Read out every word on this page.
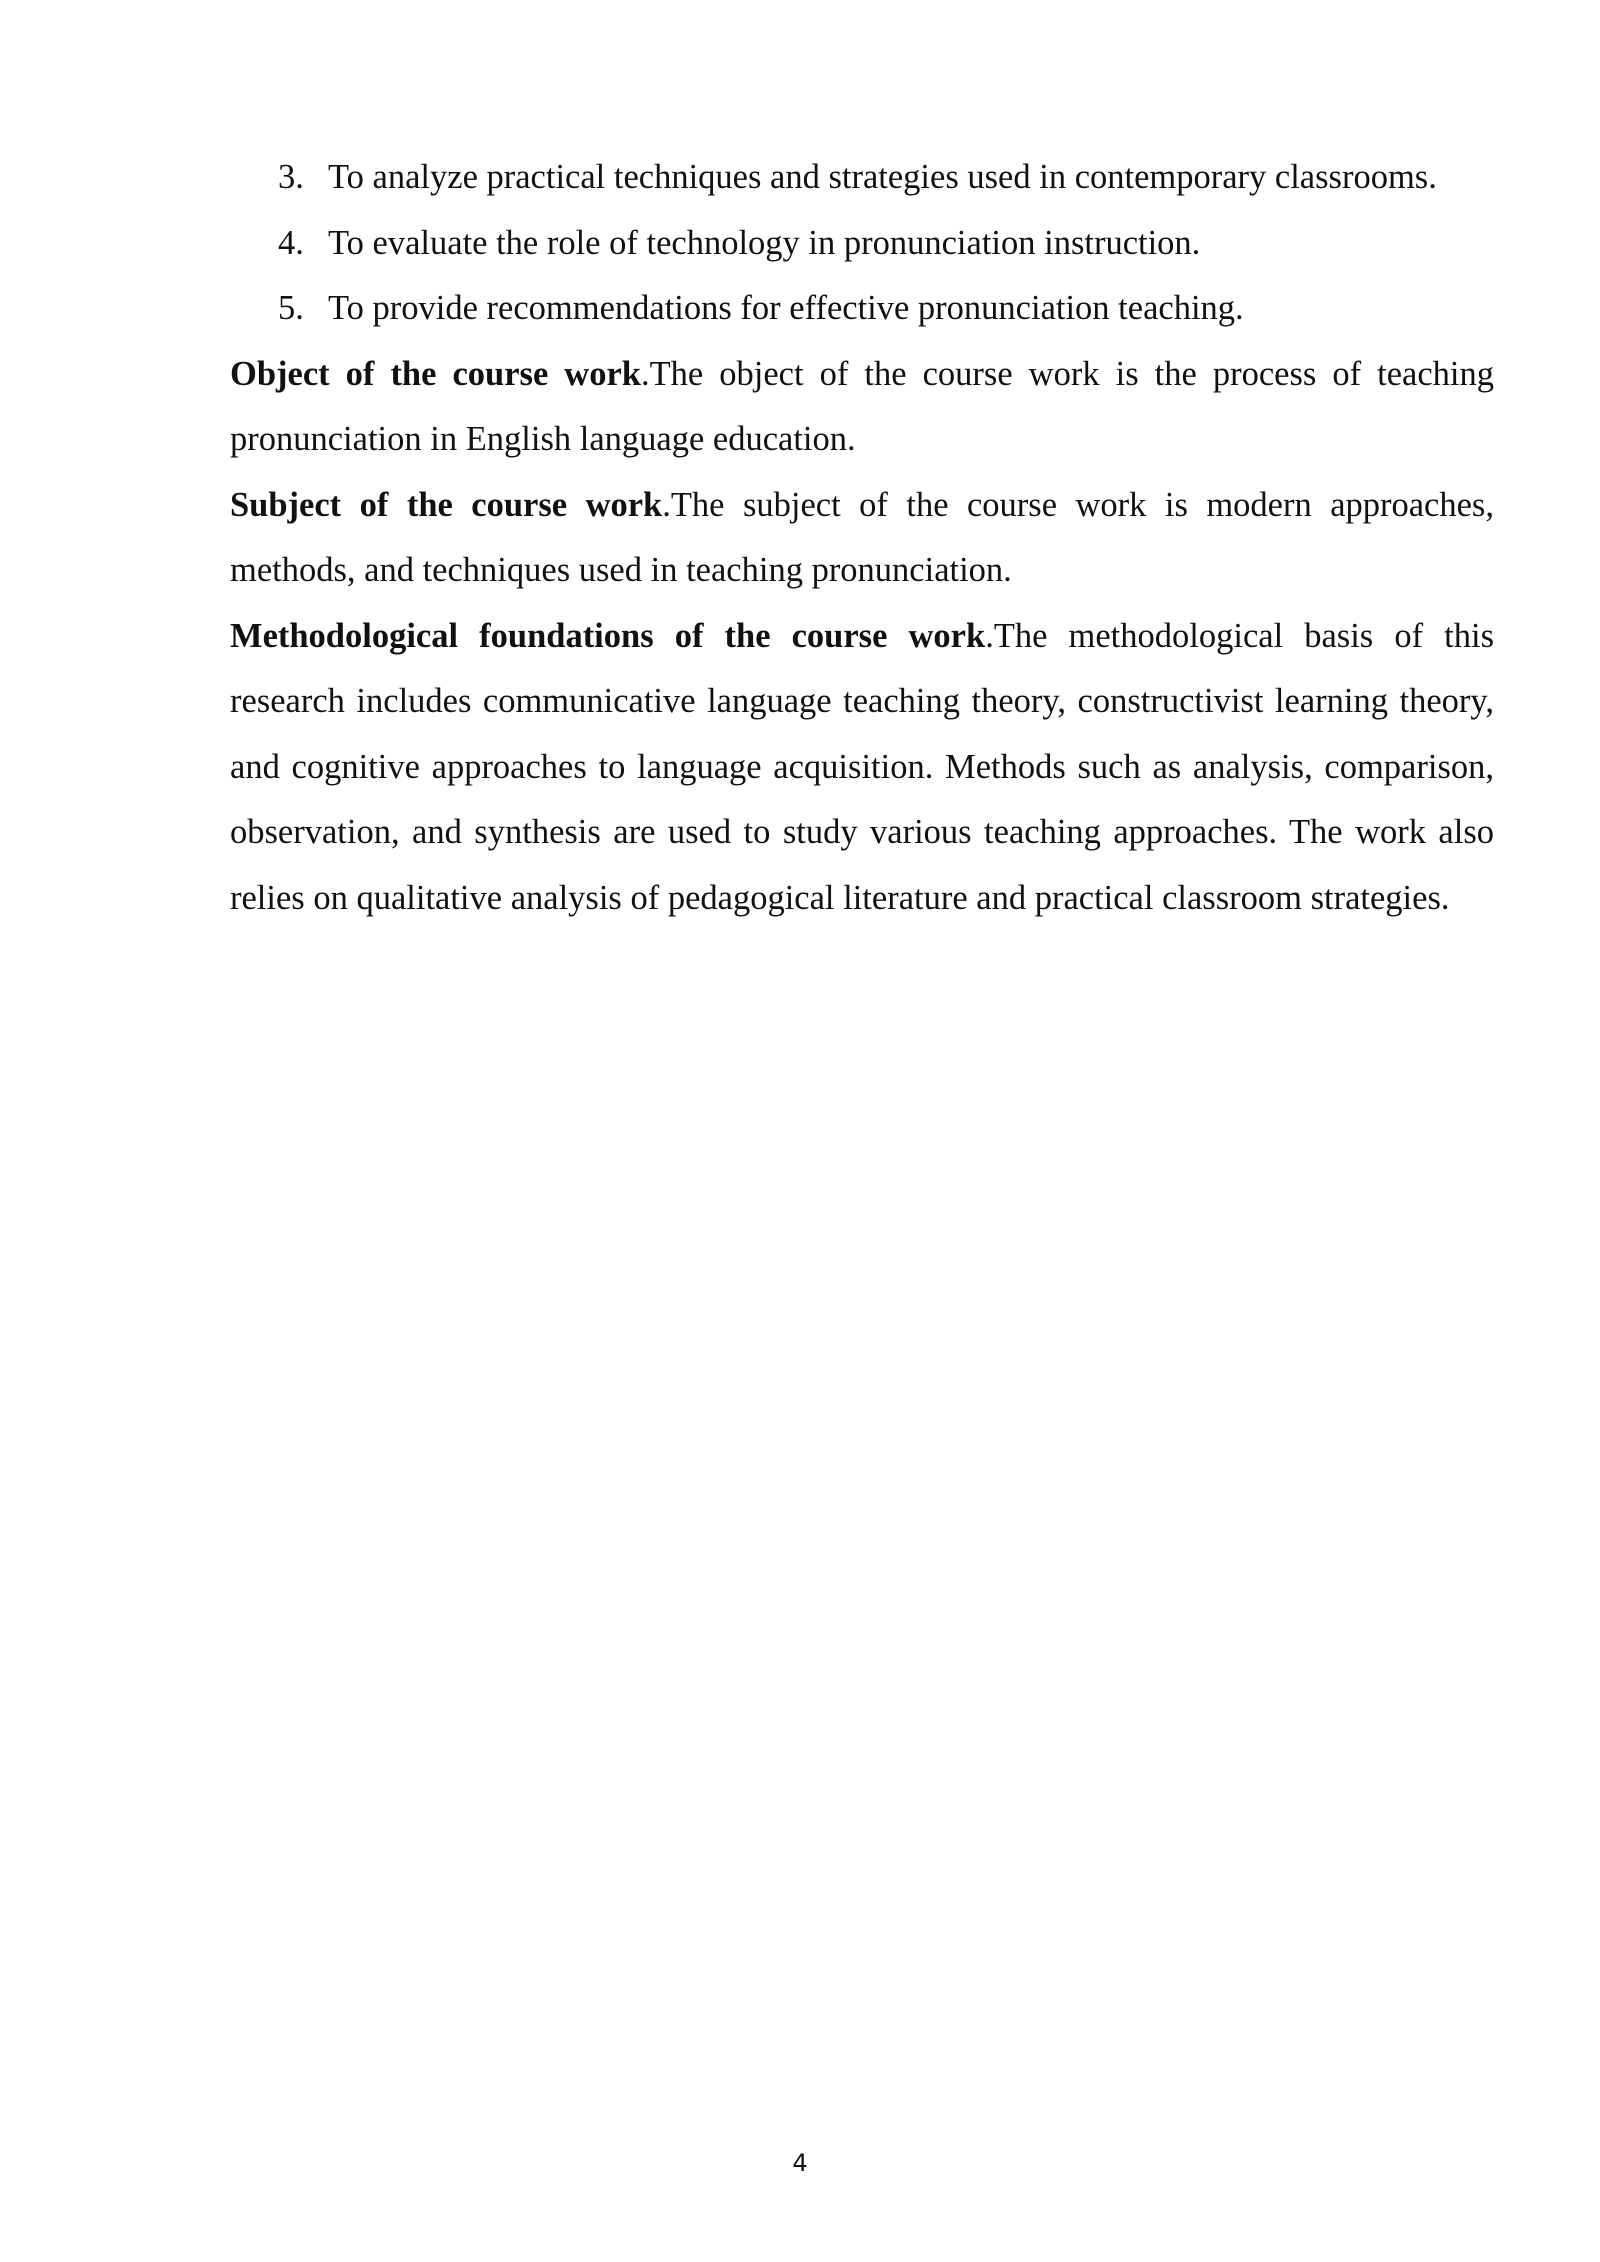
3. To analyze practical techniques and strategies used in contemporary classrooms.
4. To evaluate the role of technology in pronunciation instruction.
5. To provide recommendations for effective pronunciation teaching.

Object of the course work.The object of the course work is the process of teaching pronunciation in English language education.

Subject of the course work.The subject of the course work is modern approaches, methods, and techniques used in teaching pronunciation.

Methodological foundations of the course work.The methodological basis of this research includes communicative language teaching theory, constructivist learning theory, and cognitive approaches to language acquisition. Methods such as analysis, comparison, observation, and synthesis are used to study various teaching approaches. The work also relies on qualitative analysis of pedagogical literature and practical classroom strategies.

4
